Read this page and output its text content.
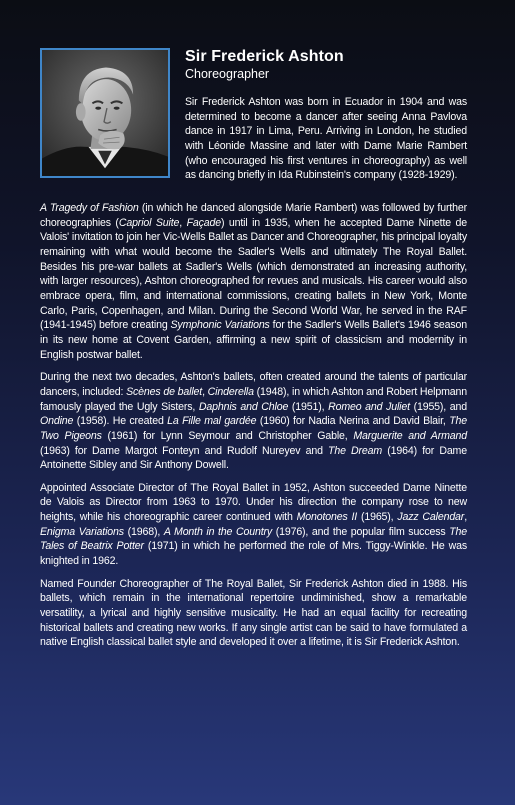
Sir Frederick Ashton
Choreographer

Sir Frederick Ashton was born in Ecuador in 1904 and was determined to become a dancer after seeing Anna Pavlova dance in 1917 in Lima, Peru. Arriving in London, he studied with Léonide Massine and later with Dame Marie Rambert (who encouraged his first ventures in choreography) as well as dancing briefly in Ida Rubinstein's company (1928-1929).

A Tragedy of Fashion (in which he danced alongside Marie Rambert) was followed by further choreographies (Capriol Suite, Façade) until in 1935, when he accepted Dame Ninette de Valois' invitation to join her Vic-Wells Ballet as Dancer and Choreographer, his principal loyalty remaining with what would become the Sadler's Wells and ultimately The Royal Ballet. Besides his pre-war ballets at Sadler's Wells (which demonstrated an increasing authority, with larger resources), Ashton choreographed for revues and musicals. His career would also embrace opera, film, and international commissions, creating ballets in New York, Monte Carlo, Paris, Copenhagen, and Milan. During the Second World War, he served in the RAF (1941-1945) before creating Symphonic Variations for the Sadler's Wells Ballet's 1946 season in its new home at Covent Garden, affirming a new spirit of classicism and modernity in English postwar ballet.

During the next two decades, Ashton's ballets, often created around the talents of particular dancers, included: Scènes de ballet, Cinderella (1948), in which Ashton and Robert Helpmann famously played the Ugly Sisters, Daphnis and Chloe (1951), Romeo and Juliet (1955), and Ondine (1958). He created La Fille mal gardée (1960) for Nadia Nerina and David Blair, The Two Pigeons (1961) for Lynn Seymour and Christopher Gable, Marguerite and Armand (1963) for Dame Margot Fonteyn and Rudolf Nureyev and The Dream (1964) for Dame Antoinette Sibley and Sir Anthony Dowell.

Appointed Associate Director of The Royal Ballet in 1952, Ashton succeeded Dame Ninette de Valois as Director from 1963 to 1970. Under his direction the company rose to new heights, while his choreographic career continued with Monotones II (1965), Jazz Calendar, Enigma Variations (1968), A Month in the Country (1976), and the popular film success The Tales of Beatrix Potter (1971) in which he performed the role of Mrs. Tiggy-Winkle. He was knighted in 1962.

Named Founder Choreographer of The Royal Ballet, Sir Frederick Ashton died in 1988. His ballets, which remain in the international repertoire undiminished, show a remarkable versatility, a lyrical and highly sensitive musicality. He had an equal facility for recreating historical ballets and creating new works. If any single artist can be said to have formulated a native English classical ballet style and developed it over a lifetime, it is Sir Frederick Ashton.
